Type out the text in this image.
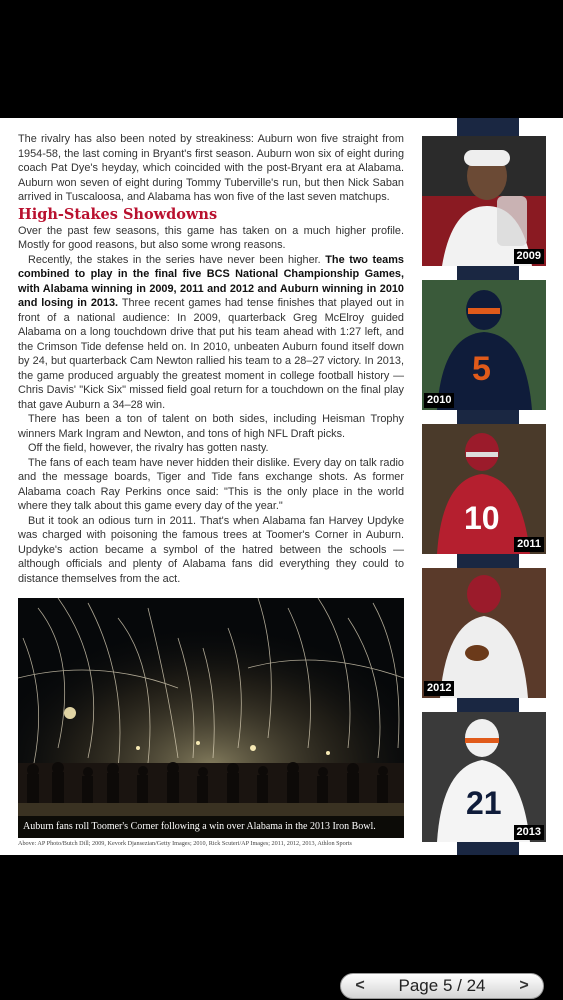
The rivalry has also been noted by streakiness: Auburn won five straight from 1954-58, the last coming in Bryant's first season. Auburn won six of eight during coach Pat Dye's heyday, which coincided with the post-Bryant era at Alabama. Auburn won seven of eight during Tommy Tuberville's run, but then Nick Saban arrived in Tuscaloosa, and Alabama has won five of the last seven matchups.

High-Stakes Showdowns

Over the past few seasons, this game has taken on a much higher profile. Mostly for good reasons, but also some wrong reasons.

Recently, the stakes in the series have never been higher. The two teams combined to play in the final five BCS National Championship Games, with Alabama winning in 2009, 2011 and 2012 and Auburn winning in 2010 and losing in 2013. Three recent games had tense finishes that played out in front of a national audience: In 2009, quarterback Greg McElroy guided Alabama on a long touchdown drive that put his team ahead with 1:27 left, and the Crimson Tide defense held on. In 2010, unbeaten Auburn found itself down by 24, but quarterback Cam Newton rallied his team to a 28–27 victory. In 2013, the game produced arguably the greatest moment in college football history — Chris Davis' "Kick Six" missed field goal return for a touchdown on the final play that gave Auburn a 34–28 win.

There has been a ton of talent on both sides, including Heisman Trophy winners Mark Ingram and Newton, and tons of high NFL Draft picks.

Off the field, however, the rivalry has gotten nasty.

The fans of each team have never hidden their dislike. Every day on talk radio and the message boards, Tiger and Tide fans exchange shots. As former Alabama coach Ray Perkins once said: "This is the only place in the world where they talk about this game every day of the year."

But it took an odious turn in 2011. That's when Alabama fan Harvey Updyke was charged with poisoning the famous trees at Toomer's Corner in Auburn. Updyke's action became a symbol of the hatred between the schools — although officials and plenty of Alabama fans did everything they could to distance themselves from the act.

Auburn fans roll Toomer's Corner following a win over Alabama in the 2013 Iron Bowl.
Above: AP Photo/Butch Dill; 2009, Kevork Djansezian/Getty Images; 2010, Rick Scuteri/AP Images; 2011, 2012, 2013, Athlon Sports
2009
5
2010
10
2011
2012
21
2013
< Page 5 / 24 >
